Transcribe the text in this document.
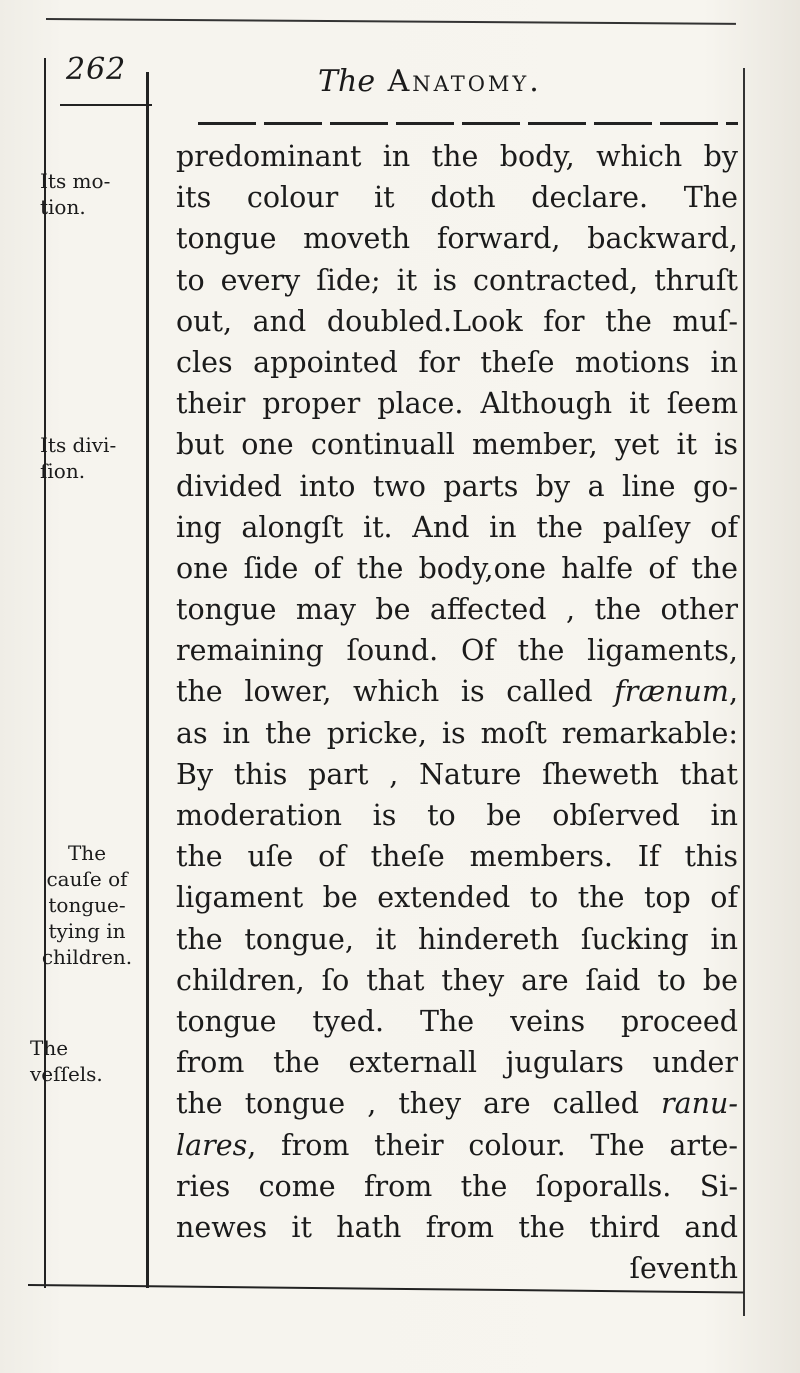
262	The Anatomy.
Its mo-
tion.
Its divi-
ſion.
The
cauſe of
tongue-
tying in
children.
The
veſſels.
predominant in the body, which by
its colour it doth declare. The
tongue moveth forward, backward,
to every ſide; it is contracted, thruſt
out, and doubled.Look for the muſ-
cles appointed for theſe motions in
their proper place. Although it ſeem
but one continuall member, yet it is
divided into two parts by a line go-
ing alongſt it. And in the palſey of
one ſide of the body,one halfe of the
tongue may be affected , the other
remaining ſound. Of the ligaments,
the lower, which is called frænum,
as in the pricke, is moſt remarkable:
By this part , Nature ſheweth that
moderation is to be obſerved in
the uſe of theſe members. If this
ligament be extended to the top of
the tongue, it hindereth ſucking in
children, ſo that they are ſaid to be
tongue tyed. The veins proceed
from the externall jugulars under
the tongue , they are called ranu-
lares, from their colour. The arte-
ries come from the ſoporalls. Si-
newes it hath from the third and
ſeventh
